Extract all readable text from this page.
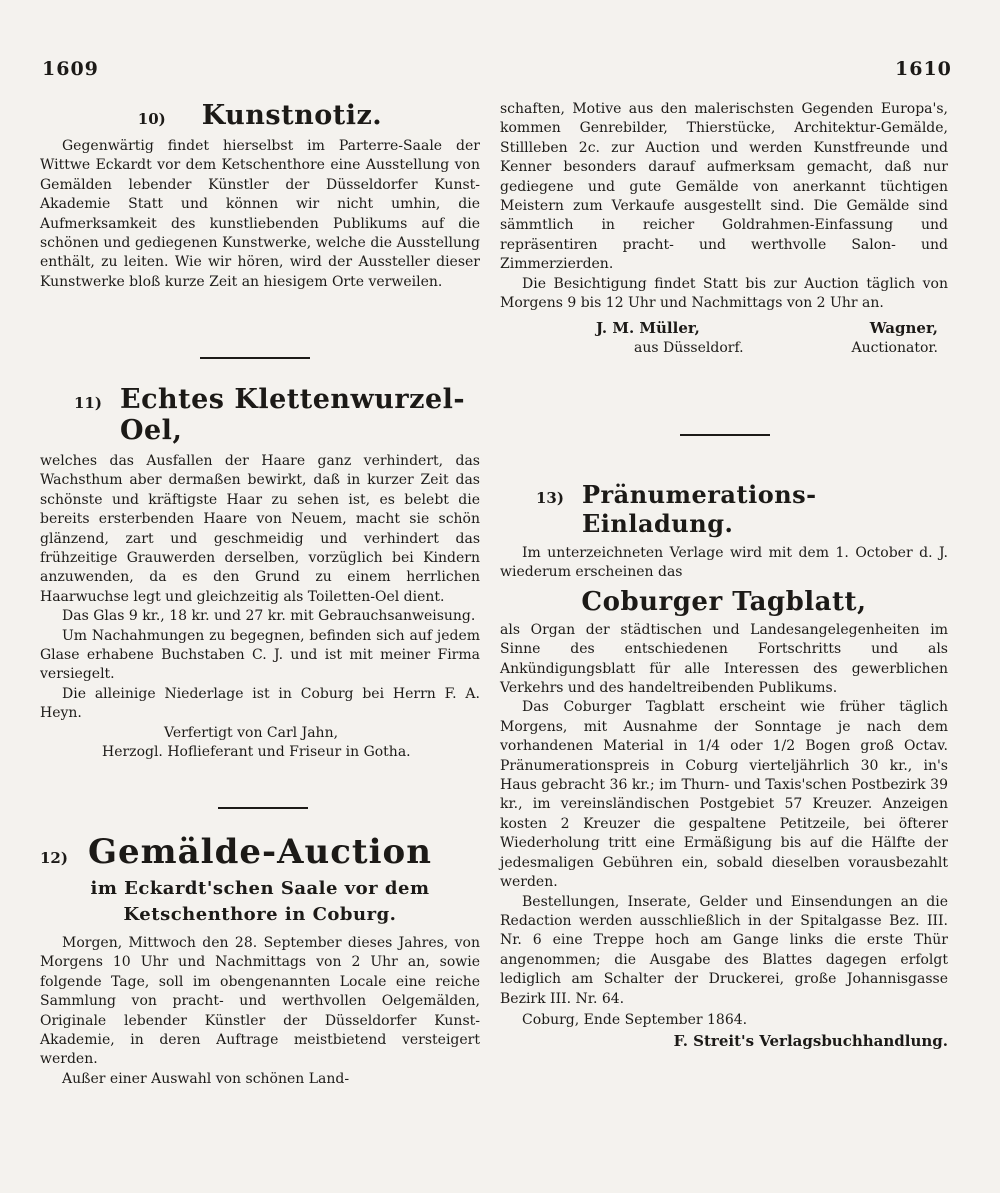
1609	1610
10) Kunstnotiz.

Gegenwärtig findet hierselbst im Parterre-Saale der Wittwe Eckardt vor dem Ketschenthore eine Ausstellung von Gemälden lebender Künstler der Düsseldorfer Kunst-Akademie Statt und können wir nicht umhin, die Aufmerksamkeit des kunstliebenden Publikums auf die schönen und gediegenen Kunstwerke, welche die Ausstellung enthält, zu leiten. Wie wir hören, wird der Aussteller dieser Kunstwerke bloß kurze Zeit an hiesigem Orte verweilen.

11) Echtes Klettenwurzel-Oel,

welches das Ausfallen der Haare ganz verhindert, das Wachsthum aber dermaßen bewirkt, daß in kurzer Zeit das schönste und kräftigste Haar zu sehen ist, es belebt die bereits ersterbenden Haare von Neuem, macht sie schön glänzend, zart und geschmeidig und verhindert das frühzeitige Grauwerden derselben, vorzüglich bei Kindern anzuwenden, da es den Grund zu einem herrlichen Haarwuchse legt und gleichzeitig als Toiletten-Oel dient.

Das Glas 9 kr., 18 kr. und 27 kr. mit Gebrauchsanweisung.

Um Nachahmungen zu begegnen, befinden sich auf jedem Glase erhabene Buchstaben C. J. und ist mit meiner Firma versiegelt.

Die alleinige Niederlage ist in Coburg bei Herrn F. A. Heyn.

Verfertigt von Carl Jahn,

Herzogl. Hoflieferant und Friseur in Gotha.

12) Gemälde-Auction

im Eckardt'schen Saale vor dem Ketschenthore in Coburg.

Morgen, Mittwoch den 28. September dieses Jahres, von Morgens 10 Uhr und Nachmittags von 2 Uhr an, sowie folgende Tage, soll im obengenannten Locale eine reiche Sammlung von pracht- und werthvollen Oelgemälden, Originale lebender Künstler der Düsseldorfer Kunst-Akademie, in deren Auftrage meistbietend versteigert werden.

Außer einer Auswahl von schönen Land-

schaften, Motive aus den malerischsten Gegenden Europa's, kommen Genrebilder, Thierstücke, Architektur-Gemälde, Stillleben 2c. zur Auction und werden Kunstfreunde und Kenner besonders darauf aufmerksam gemacht, daß nur gediegene und gute Gemälde von anerkannt tüchtigen Meistern zum Verkaufe ausgestellt sind. Die Gemälde sind sämmtlich in reicher Goldrahmen-Einfassung und repräsentiren pracht- und werthvolle Salon- und Zimmerzierden.

Die Besichtigung findet Statt bis zur Auction täglich von Morgens 9 bis 12 Uhr und Nachmittags von 2 Uhr an.

J. M. Müller,	Wagner,
aus Düsseldorf.	Auctionator.
13) Pränumerations-Einladung.

Im unterzeichneten Verlage wird mit dem 1. October d. J. wiederum erscheinen das

Coburger Tagblatt,

als Organ der städtischen und Landesangelegenheiten im Sinne des entschiedenen Fortschritts und als Ankündigungsblatt für alle Interessen des gewerblichen Verkehrs und des handeltreibenden Publikums.

Das Coburger Tagblatt erscheint wie früher täglich Morgens, mit Ausnahme der Sonntage je nach dem vorhandenen Material in 1/4 oder 1/2 Bogen groß Octav. Pränumerationspreis in Coburg vierteljährlich 30 kr., in's Haus gebracht 36 kr.; im Thurn- und Taxis'schen Postbezirk 39 kr., im vereinsländischen Postgebiet 57 Kreuzer. Anzeigen kosten 2 Kreuzer die gespaltene Petitzeile, bei öfterer Wiederholung tritt eine Ermäßigung bis auf die Hälfte der jedesmaligen Gebühren ein, sobald dieselben vorausbezahlt werden.

Bestellungen, Inserate, Gelder und Einsendungen an die Redaction werden ausschließlich in der Spitalgasse Bez. III. Nr. 6 eine Treppe hoch am Gange links die erste Thür angenommen; die Ausgabe des Blattes dagegen erfolgt lediglich am Schalter der Druckerei, große Johannisgasse Bezirk III. Nr. 64.

Coburg, Ende September 1864.

F. Streit's Verlagsbuchhandlung.
